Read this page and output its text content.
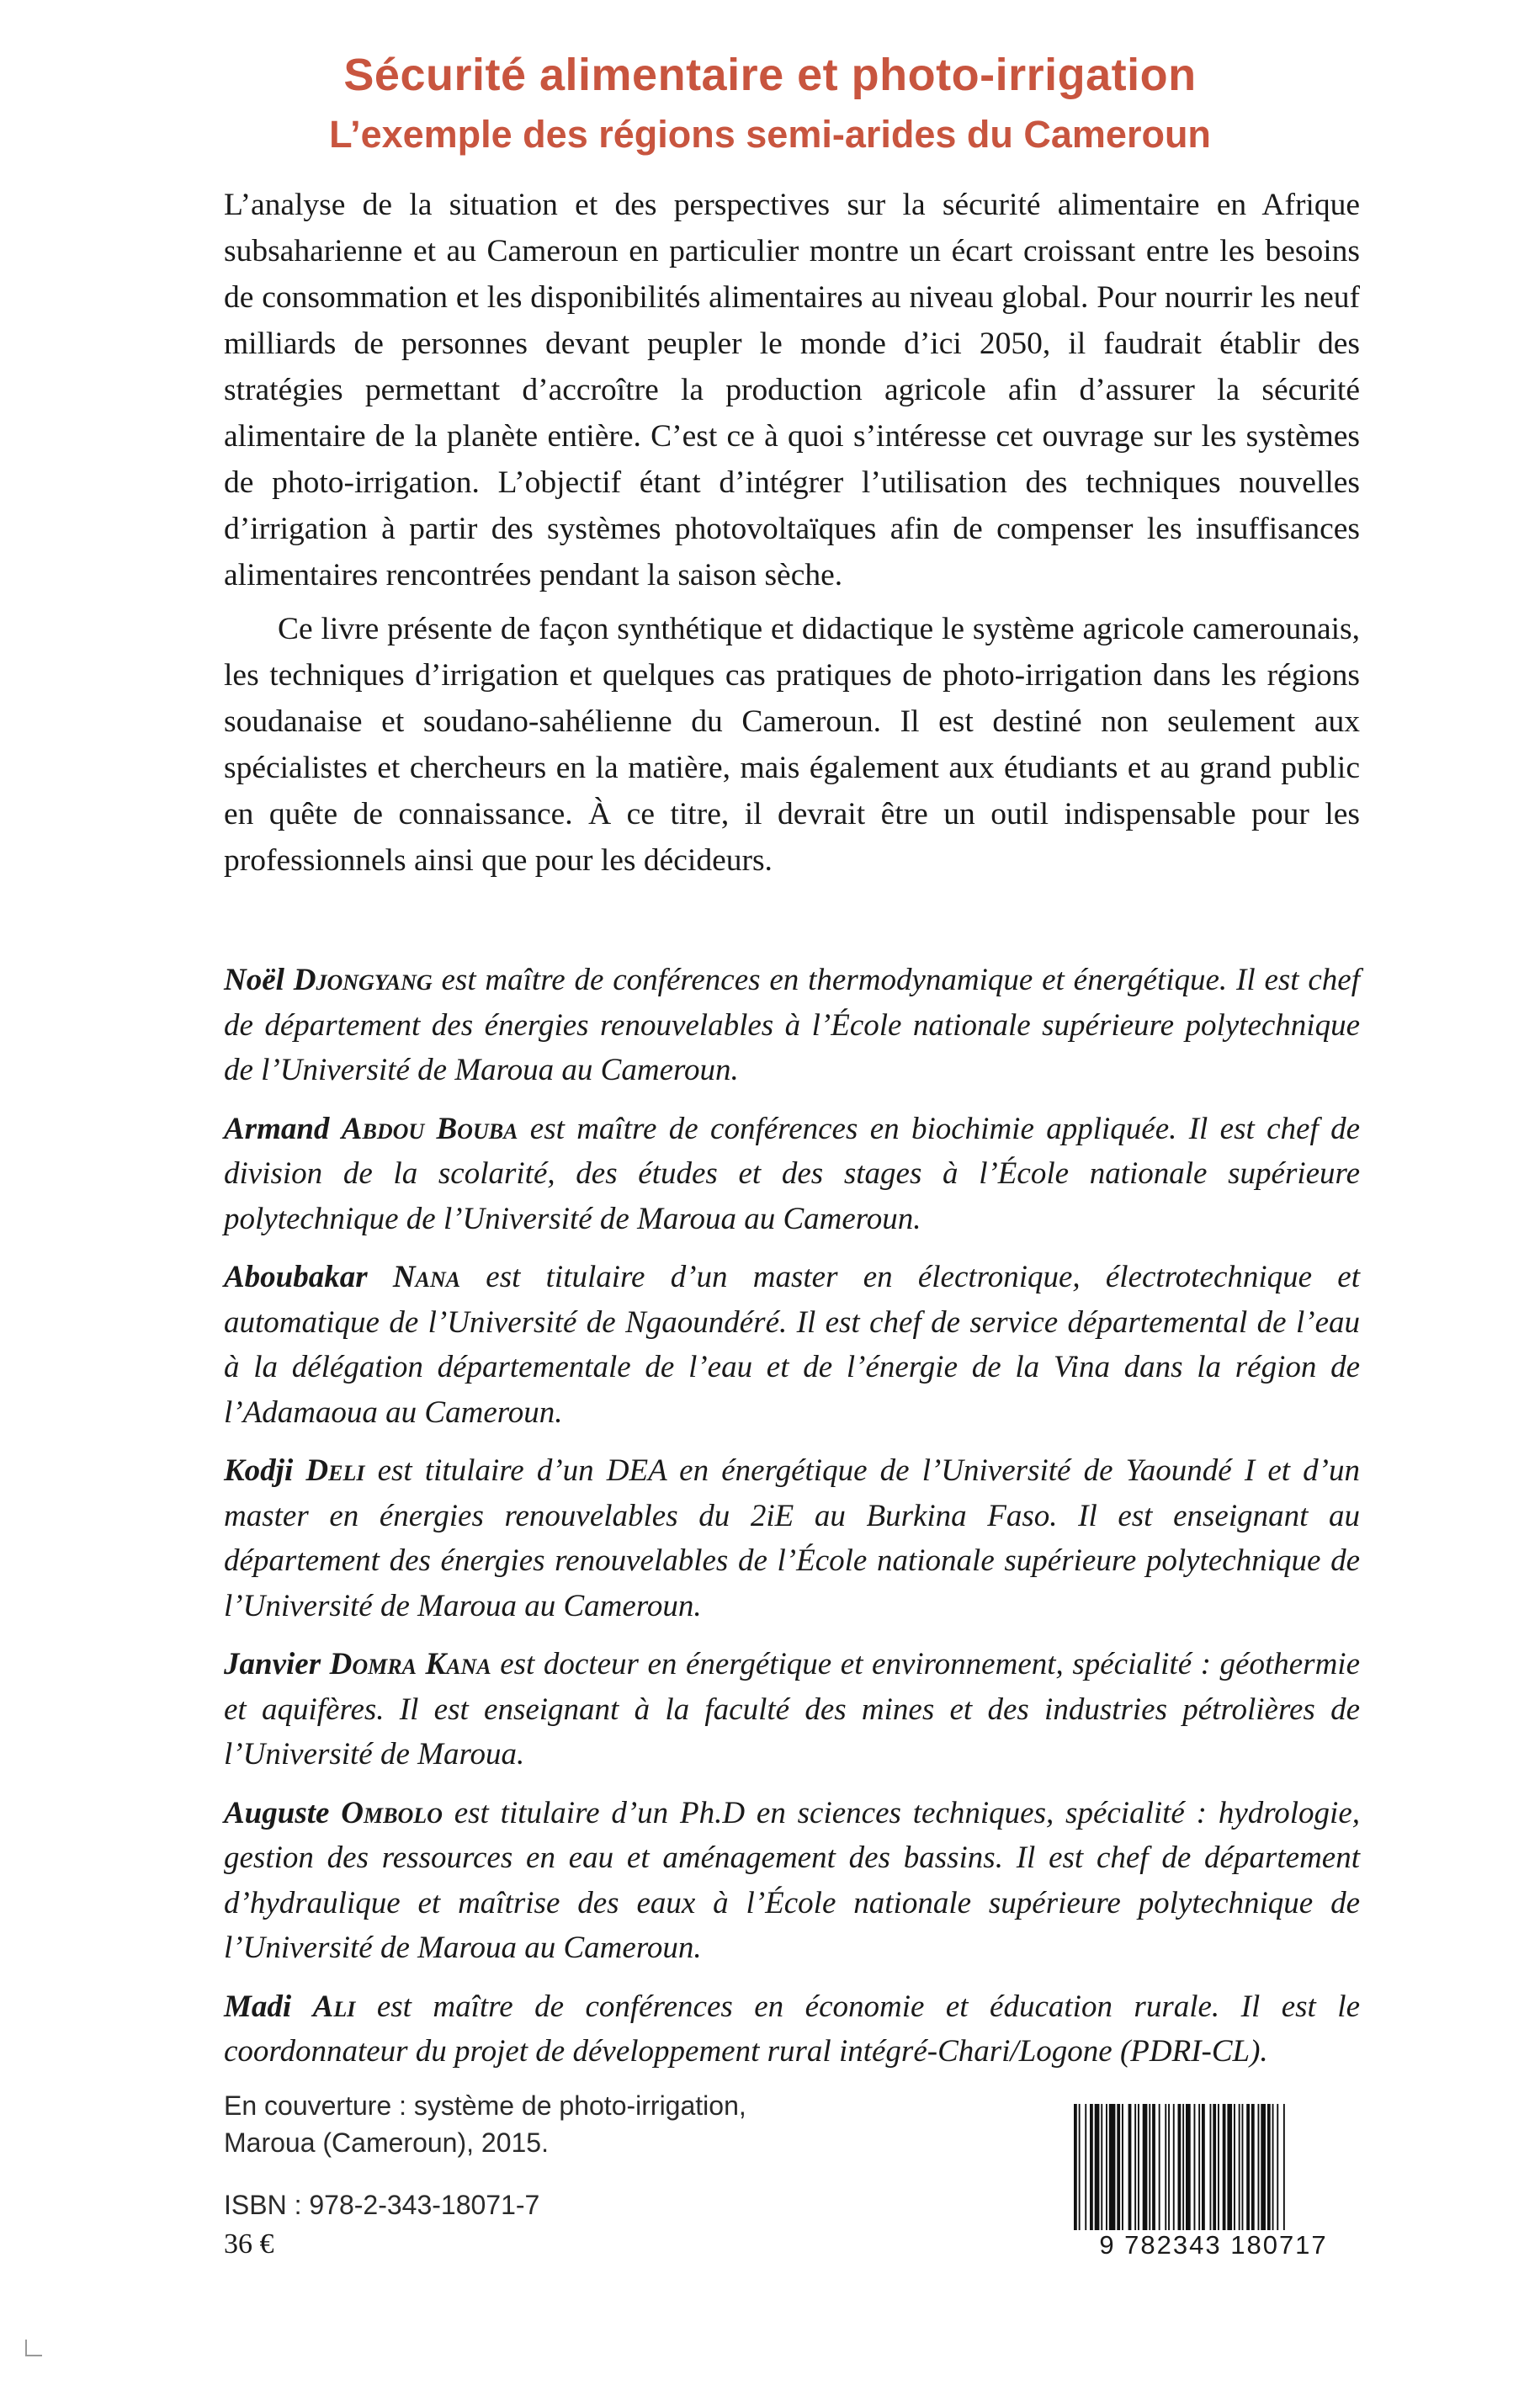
Sécurité alimentaire et photo-irrigation
L’exemple des régions semi-arides du Cameroun

L’analyse de la situation et des perspectives sur la sécurité alimentaire en Afrique subsaharienne et au Cameroun en particulier montre un écart croissant entre les besoins de consommation et les disponibilités alimentaires au niveau global. Pour nourrir les neuf milliards de personnes devant peupler le monde d’ici 2050, il faudrait établir des stratégies permettant d’accroître la production agricole afin d’assurer la sécurité alimentaire de la planète entière. C’est ce à quoi s’intéresse cet ouvrage sur les systèmes de photo-irrigation. L’objectif étant d’intégrer l’utilisation des techniques nouvelles d’irrigation à partir des systèmes photovoltaïques afin de compenser les insuffisances alimentaires rencontrées pendant la saison sèche.

Ce livre présente de façon synthétique et didactique le système agricole camerounais, les techniques d’irrigation et quelques cas pratiques de photo-irrigation dans les régions soudanaise et soudano-sahélienne du Cameroun. Il est destiné non seulement aux spécialistes et chercheurs en la matière, mais également aux étudiants et au grand public en quête de connaissance. À ce titre, il devrait être un outil indispensable pour les professionnels ainsi que pour les décideurs.

Noël Djongyang est maître de conférences en thermodynamique et énergétique. Il est chef de département des énergies renouvelables à l’École nationale supérieure polytechnique de l’Université de Maroua au Cameroun.

Armand Abdou Bouba est maître de conférences en biochimie appliquée. Il est chef de division de la scolarité, des études et des stages à l’École nationale supérieure polytechnique de l’Université de Maroua au Cameroun.

Aboubakar Nana est titulaire d’un master en électronique, électrotechnique et automatique de l’Université de Ngaoundéré. Il est chef de service départemental de l’eau à la délégation départementale de l’eau et de l’énergie de la Vina dans la région de l’Adamaoua au Cameroun.

Kodji Deli est titulaire d’un DEA en énergétique de l’Université de Yaoundé I et d’un master en énergies renouvelables du 2iE au Burkina Faso. Il est enseignant au département des énergies renouvelables de l’École nationale supérieure polytechnique de l’Université de Maroua au Cameroun.

Janvier Domra Kana est docteur en énergétique et environnement, spécialité : géothermie et aquifères. Il est enseignant à la faculté des mines et des industries pétrolières de l’Université de Maroua.

Auguste Ombolo est titulaire d’un Ph.D en sciences techniques, spécialité : hydrologie, gestion des ressources en eau et aménagement des bassins. Il est chef de département d’hydraulique et maîtrise des eaux à l’École nationale supérieure polytechnique de l’Université de Maroua au Cameroun.

Madi Ali est maître de conférences en économie et éducation rurale. Il est le coordonnateur du projet de développement rural intégré-Chari/Logone (PDRI-CL).

En couverture : système de photo-irrigation,
Maroua (Cameroun), 2015.
ISBN : 978-2-343-18071-7
36 €	9 782343 180717
